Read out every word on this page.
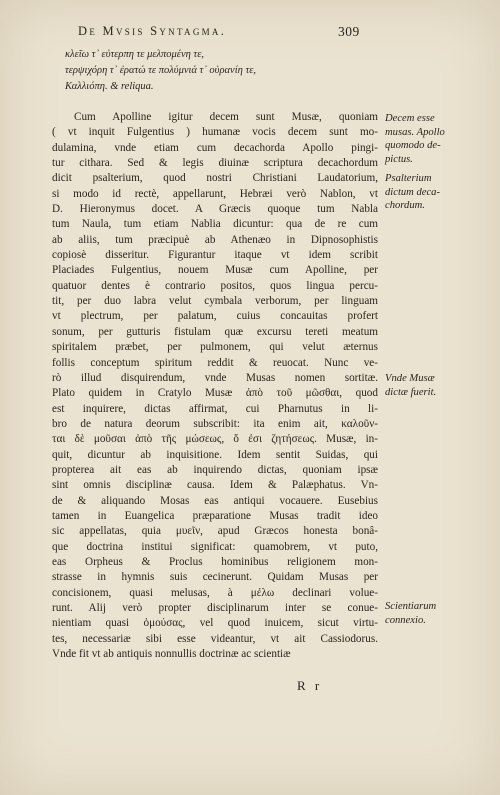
De Mvsis Syntagma.	309
κλεῖω τ᾽ εὐτερπη τε μελπομένη τε,
τερψιχόρη τ᾽ ἐρατώ τε πολύμνιά τ᾽ οὐρανίη τε,
Καλλιόπη. & reliqua.
Cum Apolline igitur decem sunt Musæ, quoniam
( vt inquit Fulgentius ) humanæ vocis decem sunt mo-
dulamina, vnde etiam cum decachorda Apollo pingi-
tur cithara. Sed & legis diuinæ scriptura decachordum
dicit psalterium, quod nostri Christiani Laudatorium,
si modo id rectè, appellarunt, Hebræi verò Nablon, vt
D. Hieronymus docet. A Græcis quoque tum Nabla
tum Naula, tum etiam Nablia dicuntur: qua de re cum
ab aliis, tum præcipuè ab Athenæo in Dipnosophistis
copiosè disseritur. Figurantur itaque vt idem scribit
Placiades Fulgentius, nouem Musæ cum Apolline, per
quatuor dentes è contrario positos, quos lingua percu-
tit, per duo labra velut cymbala verborum, per linguam
vt plectrum, per palatum, cuius concauitas profert
sonum, per gutturis fistulam quæ excursu tereti meatum
spiritalem præbet, per pulmonem, qui velut æternus
follis conceptum spiritum reddit & reuocat. Nunc ve-
rò illud disquirendum, vnde Musas nomen sortitæ.
Plato quidem in Cratylo Musæ ἀπὸ τοῦ μῶσθαι, quod
est inquirere, dictas affirmat, cui Pharnutus in li-
bro de natura deorum subscribit: ita enim ait, καλοῦν-
ται δὲ μοῦσαι ἀπὸ τῆς μώσεως, ὅ ἐσι ζητήσεως. Musæ, in-
quit, dicuntur ab inquisitione. Idem sentit Suidas, qui
propterea ait eas ab inquirendo dictas, quoniam ipsæ
sint omnis disciplinæ causa. Idem & Palæphatus. Vn-
de & aliquando Mosas eas antiqui vocauere. Eusebius
tamen in Euangelica præparatione Musas tradit ideo
sic appellatas, quia μυεῖν, apud Græcos honesta bonâ-
que doctrina institui significat: quamobrem, vt puto,
eas Orpheus & Proclus hominibus religionem mon-
strasse in hymnis suis cecinerunt. Quidam Musas per
concisionem, quasi melusas, à μέλω declinari volue-
runt. Alij verò propter disciplinarum inter se conue-
nientiam quasi ὁμούσας, vel quod inuicem, sicut virtu-
tes, necessariæ sibi esse videantur, vt ait Cassiodorus.
Vnde fit vt ab antiquis nonnullis doctrinæ ac scientiæ
Decem esse
musas. Apollo
quomodo de-
pictus.
Psalterium
dictum deca-
chordum.
Vnde Musæ
dictæ fuerit.
Scientiarum
connexio.
R r
